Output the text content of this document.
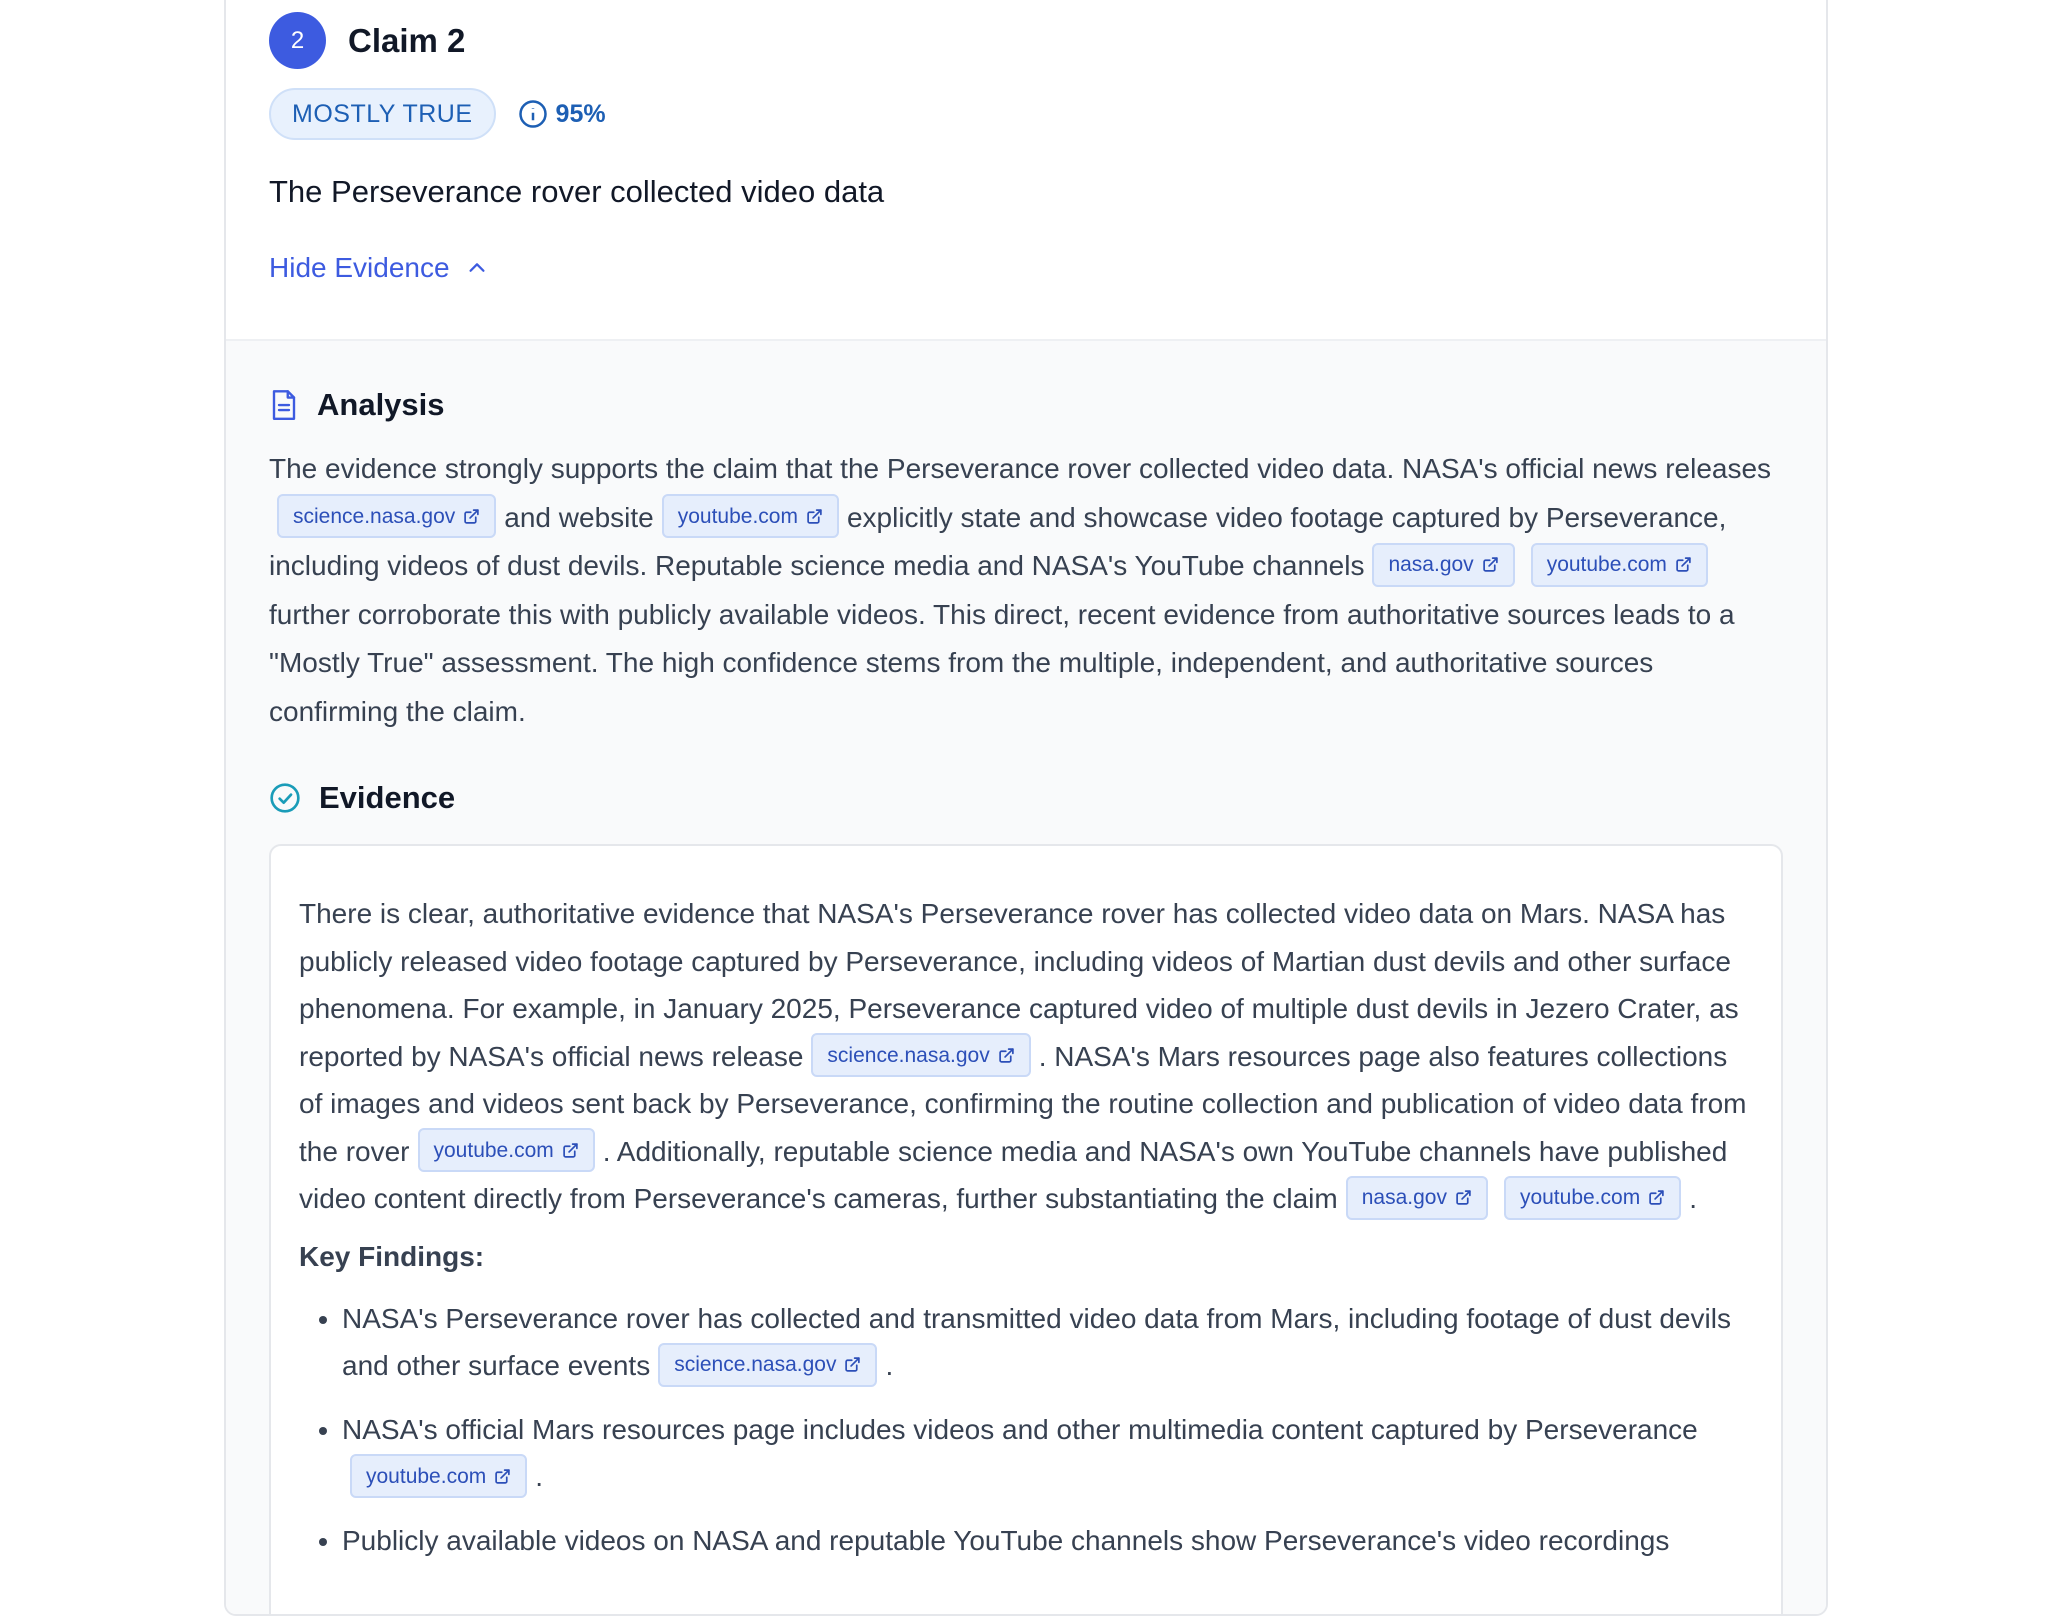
2	Claim 2
MOSTLY TRUE	95%
The Perseverance rover collected video data
Hide Evidence
Analysis
The evidence strongly supports the claim that the Perseverance rover collected video data. NASA's official news releases
science.nasa.gov and website youtube.com explicitly state and showcase video footage captured by Perseverance, including videos of dust devils. Reputable science media and NASA's YouTube channels nasa.gov	youtube.com
further corroborate this with publicly available videos. This direct, recent evidence from authoritative sources leads to a "Mostly True" assessment. The high confidence stems from the multiple, independent, and authoritative sources confirming the claim.
Evidence

There is clear, authoritative evidence that NASA's Perseverance rover has collected video data on Mars. NASA has publicly released video footage captured by Perseverance, including videos of Martian dust devils and other surface phenomena. For example, in January 2025, Perseverance captured video of multiple dust devils in Jezero Crater, as reported by NASA's official news release science.nasa.gov . NASA's Mars resources page also features collections of images and videos sent back by Perseverance, confirming the routine collection and publication of video data from the rover youtube.com . Additionally, reputable science media and NASA's own YouTube channels have published video content directly from Perseverance's cameras, further substantiating the claim nasa.gov	youtube.com .

Key Findings:
• NASA's Perseverance rover has collected and transmitted video data from Mars, including footage of dust devils and other surface events science.nasa.gov .
• NASA's official Mars resources page includes videos and other multimedia content captured by Perseverance
youtube.com .
• Publicly available videos on NASA and reputable YouTube channels show Perseverance's video recordings
